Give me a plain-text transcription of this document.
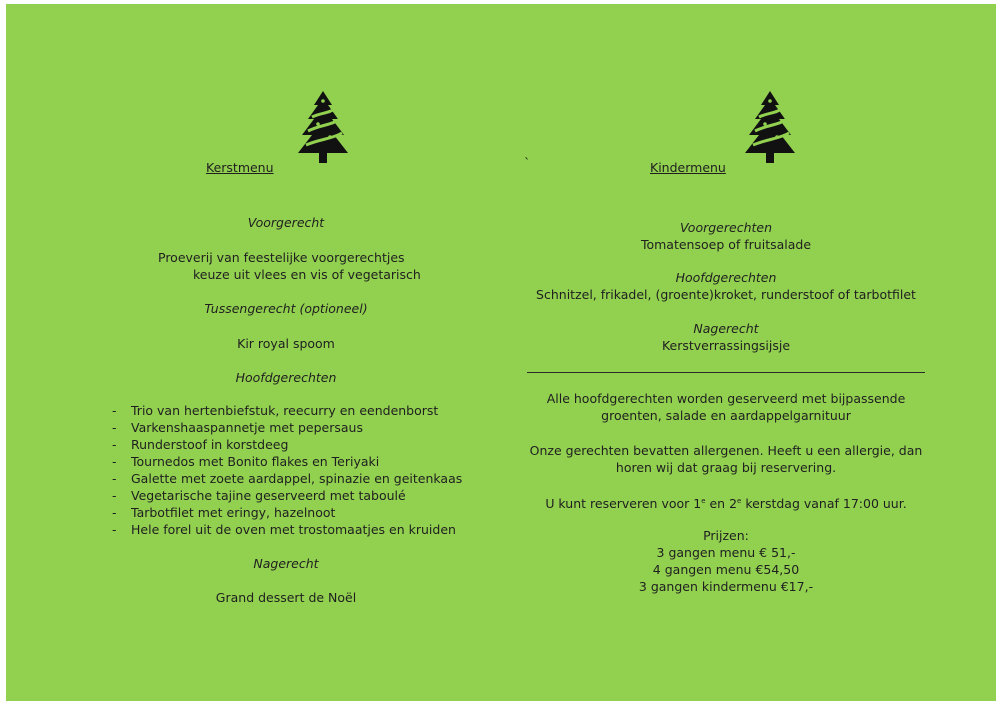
Kerstmenu
Voorgerecht
Proeverij van feestelijke voorgerechtjes
keuze uit vlees en vis of vegetarisch
Tussengerecht (optioneel)
Kir royal spoom
Hoofdgerechten
- Trio van hertenbiefstuk, reecurry en eendenborst
- Varkenshaaspannetje met pepersaus
- Runderstoof in korstdeeg
- Tournedos met Bonito flakes en Teriyaki
- Galette met zoete aardappel, spinazie en geitenkaas
- Vegetarische tajine geserveerd met taboulé
- Tarbotfilet met eringy, hazelnoot
- Hele forel uit de oven met trostomaatjes en kruiden
Nagerecht
Grand dessert de Noël
`	Kindermenu
Voorgerechten
Tomatensoep of fruitsalade
Hoofdgerechten
Schnitzel, frikadel, (groente)kroket, runderstoof of tarbotfilet
Nagerecht
Kerstverrassingsijsje
Alle hoofdgerechten worden geserveerd met bijpassende
groenten, salade en aardappelgarnituur
Onze gerechten bevatten allergenen. Heeft u een allergie, dan
horen wij dat graag bij reservering.
U kunt reserveren voor 1e en 2e kerstdag vanaf 17:00 uur.
Prijzen:
3 gangen menu € 51,-
4 gangen menu €54,50
3 gangen kindermenu €17,-
